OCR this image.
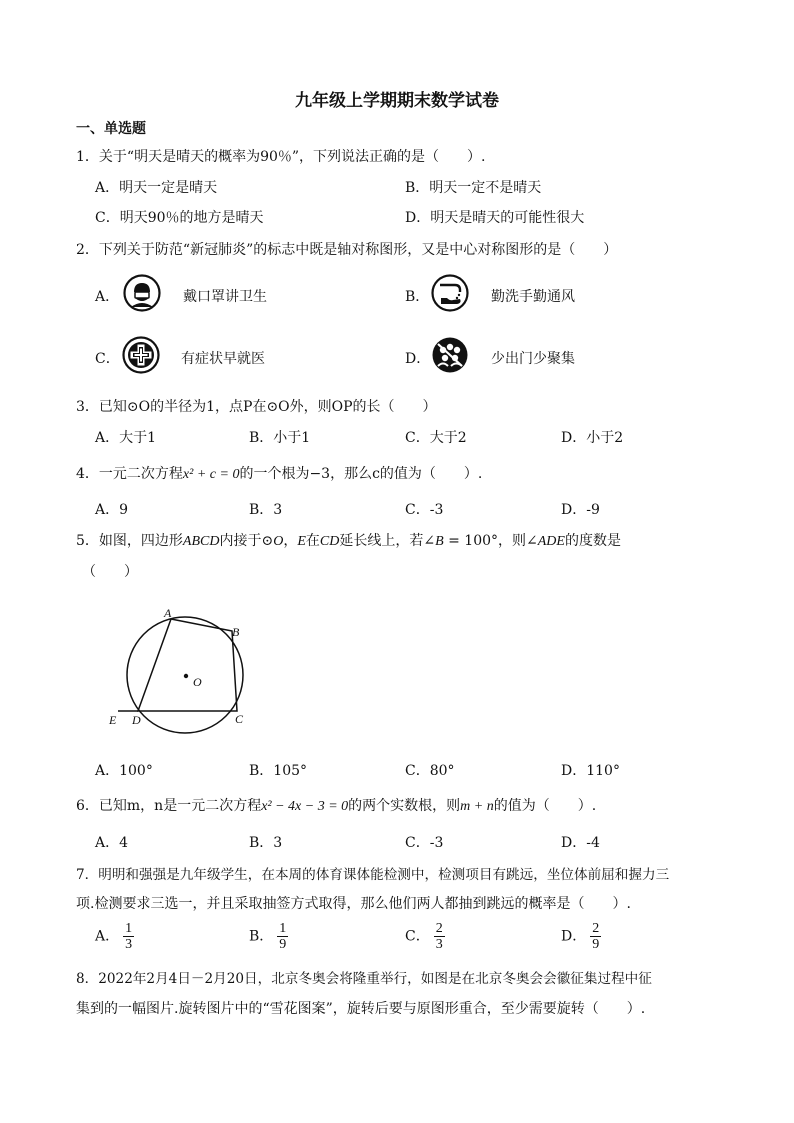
九年级上学期期末数学试卷
一、单选题
1．关于“明天是晴天的概率为90％”，下列说法正确的是（　　）.
A．明天一定是晴天	B．明天一定不是晴天
C．明天90％的地方是晴天	D．明天是晴天的可能性很大
2．下列关于防范“新冠肺炎”的标志中既是轴对称图形，又是中心对称图形的是（　　）
A．	戴口罩讲卫生	B．	勤洗手勤通风
C．	有症状早就医	D．	少出门少聚集
3．已知⊙O的半径为1，点P在⊙O外，则OP的长（　　）
A．大于1	B．小于1	C．大于2	D．小于2
4．一元二次方程x² + c = 0的一个根为−3，那么c的值为（　　）.
A．9	B．3	C．-3	D．-9
5．如图，四边形ABCD内接于⊙O，E在CD延长线上，若∠B = 100°，则∠ADE的度数是
（　　）
A
B
C
D
E
O
A．100°	B．105°	C．80°	D．110°
6．已知m，n是一元二次方程x² − 4x − 3 = 0的两个实数根，则m + n的值为（　　）.
A．4	B．3	C．-3	D．-4
7．明明和强强是九年级学生，在本周的体育课体能检测中，检测项目有跳远，坐位体前屈和握力三
项.检测要求三选一，并且采取抽签方式取得，那么他们两人都抽到跳远的概率是（　　）.
A． $\frac{1}{3}$	B． $\frac{1}{9}$	C． $\frac{2}{3}$	D． $\frac{2}{9}$
8．2022年2月4日－2月20日，北京冬奥会将隆重举行，如图是在北京冬奥会会徽征集过程中征
集到的一幅图片.旋转图片中的“雪花图案”，旋转后要与原图形重合，至少需要旋转（　　）.
